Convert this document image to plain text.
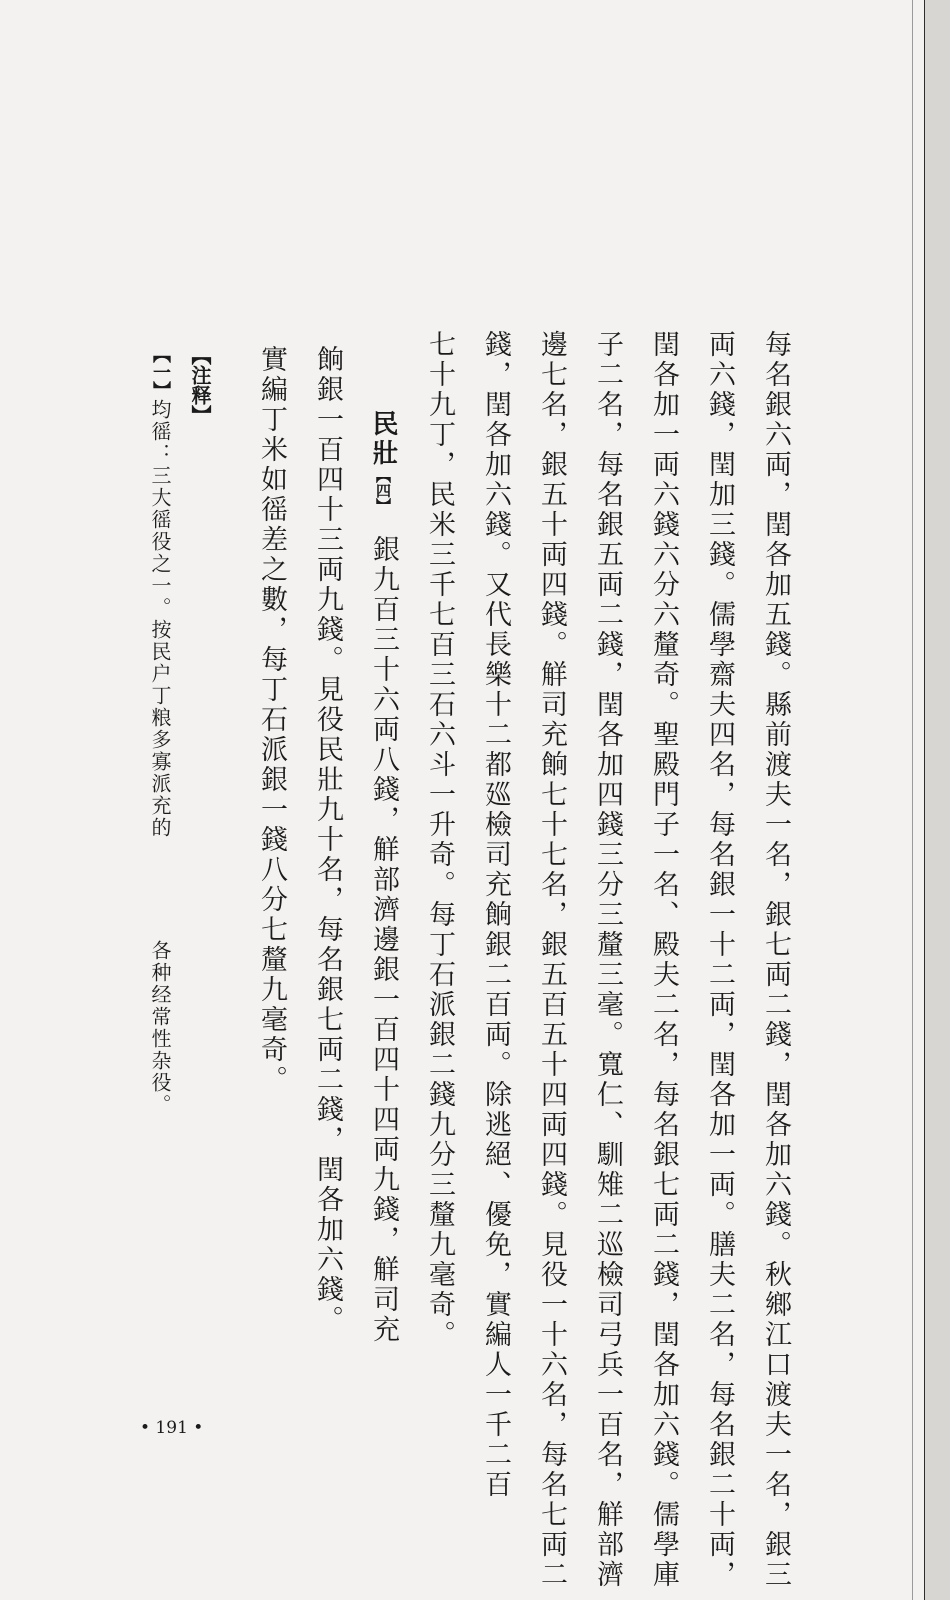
每名銀六両，閏各加五錢。縣前渡夫一名，銀七両二錢，閏各加六錢。秋鄉江口渡夫一名，銀三
両六錢，閏加三錢。儒學齋夫四名，每名銀一十二両，閏各加一両。膳夫二名，每名銀二十両，
閏各加一両六錢六分六釐奇。聖殿門子一名、殿夫二名，每名銀七両二錢，閏各加六錢。儒學庫
子二名，每名銀五両二錢，閏各加四錢三分三釐三毫。寬仁、馴雉二巡檢司弓兵一百名，觧部濟
邊七名，銀五十両四錢。觧司充餉七十七名，銀五百五十四両四錢。見役一十六名，每名七両二
錢，閏各加六錢。又代長樂十二都廵檢司充餉銀二百両。除逃絕、優免，實編人一千二百
七十九丁，民米三千七百三石六斗一升奇。每丁石派銀二錢九分三釐九毫奇。
民壯【四】銀九百三十六両八錢，觧部濟邊銀一百四十四両九錢，觧司充
餉銀一百四十三両九錢。見役民壯九十名，每名銀七両二錢，閏各加六錢。
實編丁米如徭差之數，每丁石派銀一錢八分七釐九毫奇。
【注释】
【一】均徭：三大徭役之一。按民户丁粮多寡派充的
各种经常性杂役。
• 191 •
